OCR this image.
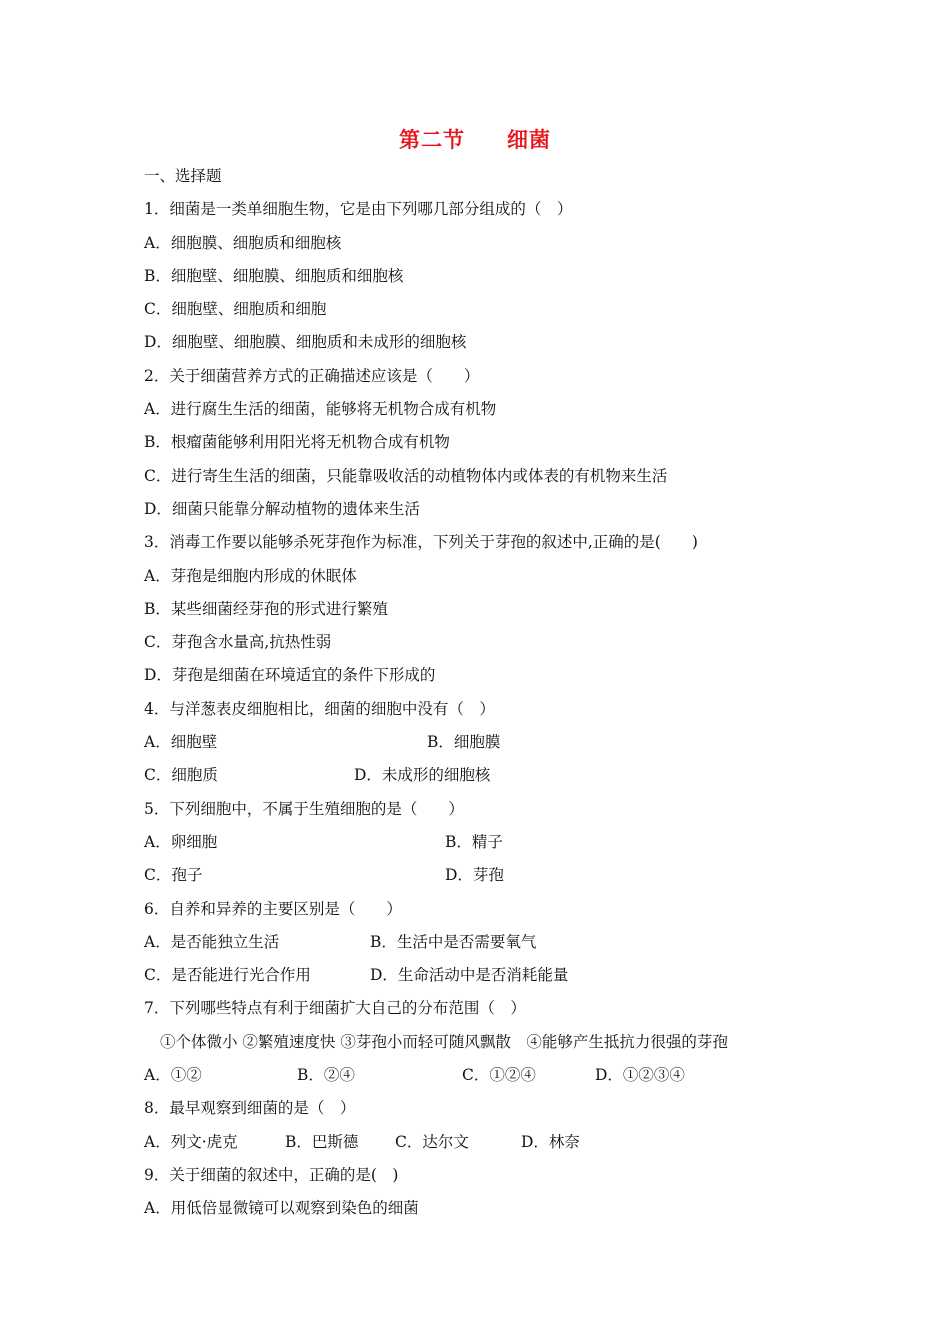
第二节 细菌
一、选择题
1．细菌是一类单细胞生物，它是由下列哪几部分组成的（　）
A．细胞膜、细胞质和细胞核
B．细胞壁、细胞膜、细胞质和细胞核
C．细胞壁、细胞质和细胞
D．细胞壁、细胞膜、细胞质和未成形的细胞核
2．关于细菌营养方式的正确描述应该是（　　）
A．进行腐生生活的细菌，能够将无机物合成有机物
B．根瘤菌能够利用阳光将无机物合成有机物
C．进行寄生生活的细菌，只能靠吸收活的动植物体内或体表的有机物来生活
D．细菌只能靠分解动植物的遗体来生活
3．消毒工作要以能够杀死芽孢作为标准，下列关于芽孢的叙述中,正确的是(　　)
A．芽孢是细胞内形成的休眠体
B．某些细菌经芽孢的形式进行繁殖
C．芽孢含水量高,抗热性弱
D．芽孢是细菌在环境适宜的条件下形成的
4．与洋葱表皮细胞相比，细菌的细胞中没有（　）
A．细胞壁	B．细胞膜
C．细胞质	D．未成形的细胞核
5．下列细胞中，不属于生殖细胞的是（　　）
A．卵细胞	B．精子
C．孢子	D．芽孢
6．自养和异养的主要区别是（　　）
A．是否能独立生活	B．生活中是否需要氧气
C．是否能进行光合作用	D．生命活动中是否消耗能量
7．下列哪些特点有利于细菌扩大自己的分布范围（　）
①个体微小 ②繁殖速度快 ③芽孢小而轻可随风飘散　④能够产生抵抗力很强的芽孢
A．①②	B．②④	C．①②④	D．①②③④
8．最早观察到细菌的是（　）
A．列文·虎克	B．巴斯德 C．达尔文	D．林奈
9．关于细菌的叙述中，正确的是(　)
A．用低倍显微镜可以观察到染色的细菌
